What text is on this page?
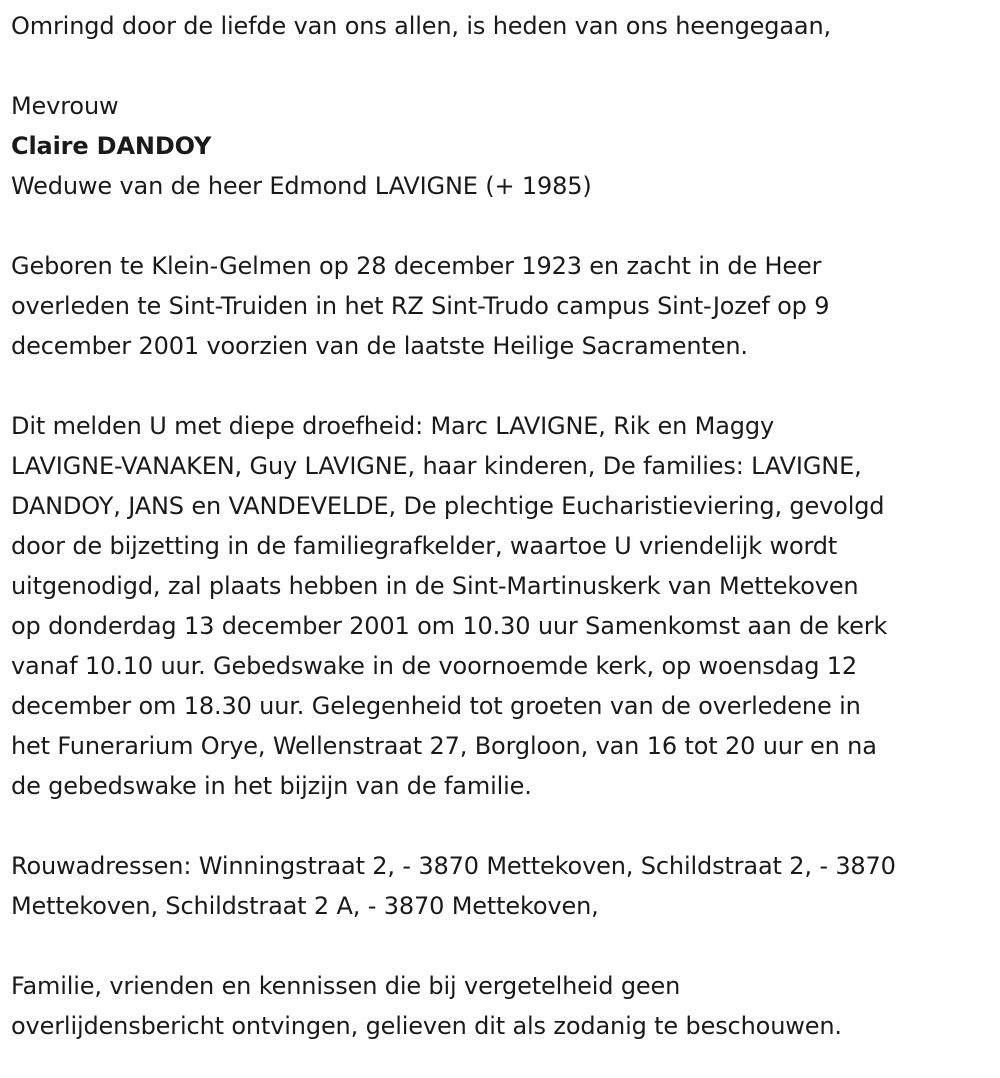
Omringd door de liefde van ons allen, is heden van ons heengegaan,

Mevrouw

Claire DANDOY

Weduwe van de heer Edmond LAVIGNE (+ 1985)

Geboren te Klein-Gelmen op 28 december 1923 en zacht in de Heer

overleden te Sint-Truiden in het RZ Sint-Trudo campus Sint-Jozef op 9

december 2001 voorzien van de laatste Heilige Sacramenten.

Dit melden U met diepe droefheid: Marc LAVIGNE, Rik en Maggy

LAVIGNE-VANAKEN, Guy LAVIGNE, haar kinderen, De families: LAVIGNE,

DANDOY, JANS en VANDEVELDE, De plechtige Eucharistieviering, gevolgd

door de bijzetting in de familiegrafkelder, waartoe U vriendelijk wordt

uitgenodigd, zal plaats hebben in de Sint-Martinuskerk van Mettekoven

op donderdag 13 december 2001 om 10.30 uur Samenkomst aan de kerk

vanaf 10.10 uur. Gebedswake in de voornoemde kerk, op woensdag 12

december om 18.30 uur. Gelegenheid tot groeten van de overledene in

het Funerarium Orye, Wellenstraat 27, Borgloon, van 16 tot 20 uur en na

de gebedswake in het bijzijn van de familie.

Rouwadressen: Winningstraat 2, - 3870 Mettekoven, Schildstraat 2, - 3870

Mettekoven, Schildstraat 2 A, - 3870 Mettekoven,

Familie, vrienden en kennissen die bij vergetelheid geen

overlijdensbericht ontvingen, gelieven dit als zodanig te beschouwen.
